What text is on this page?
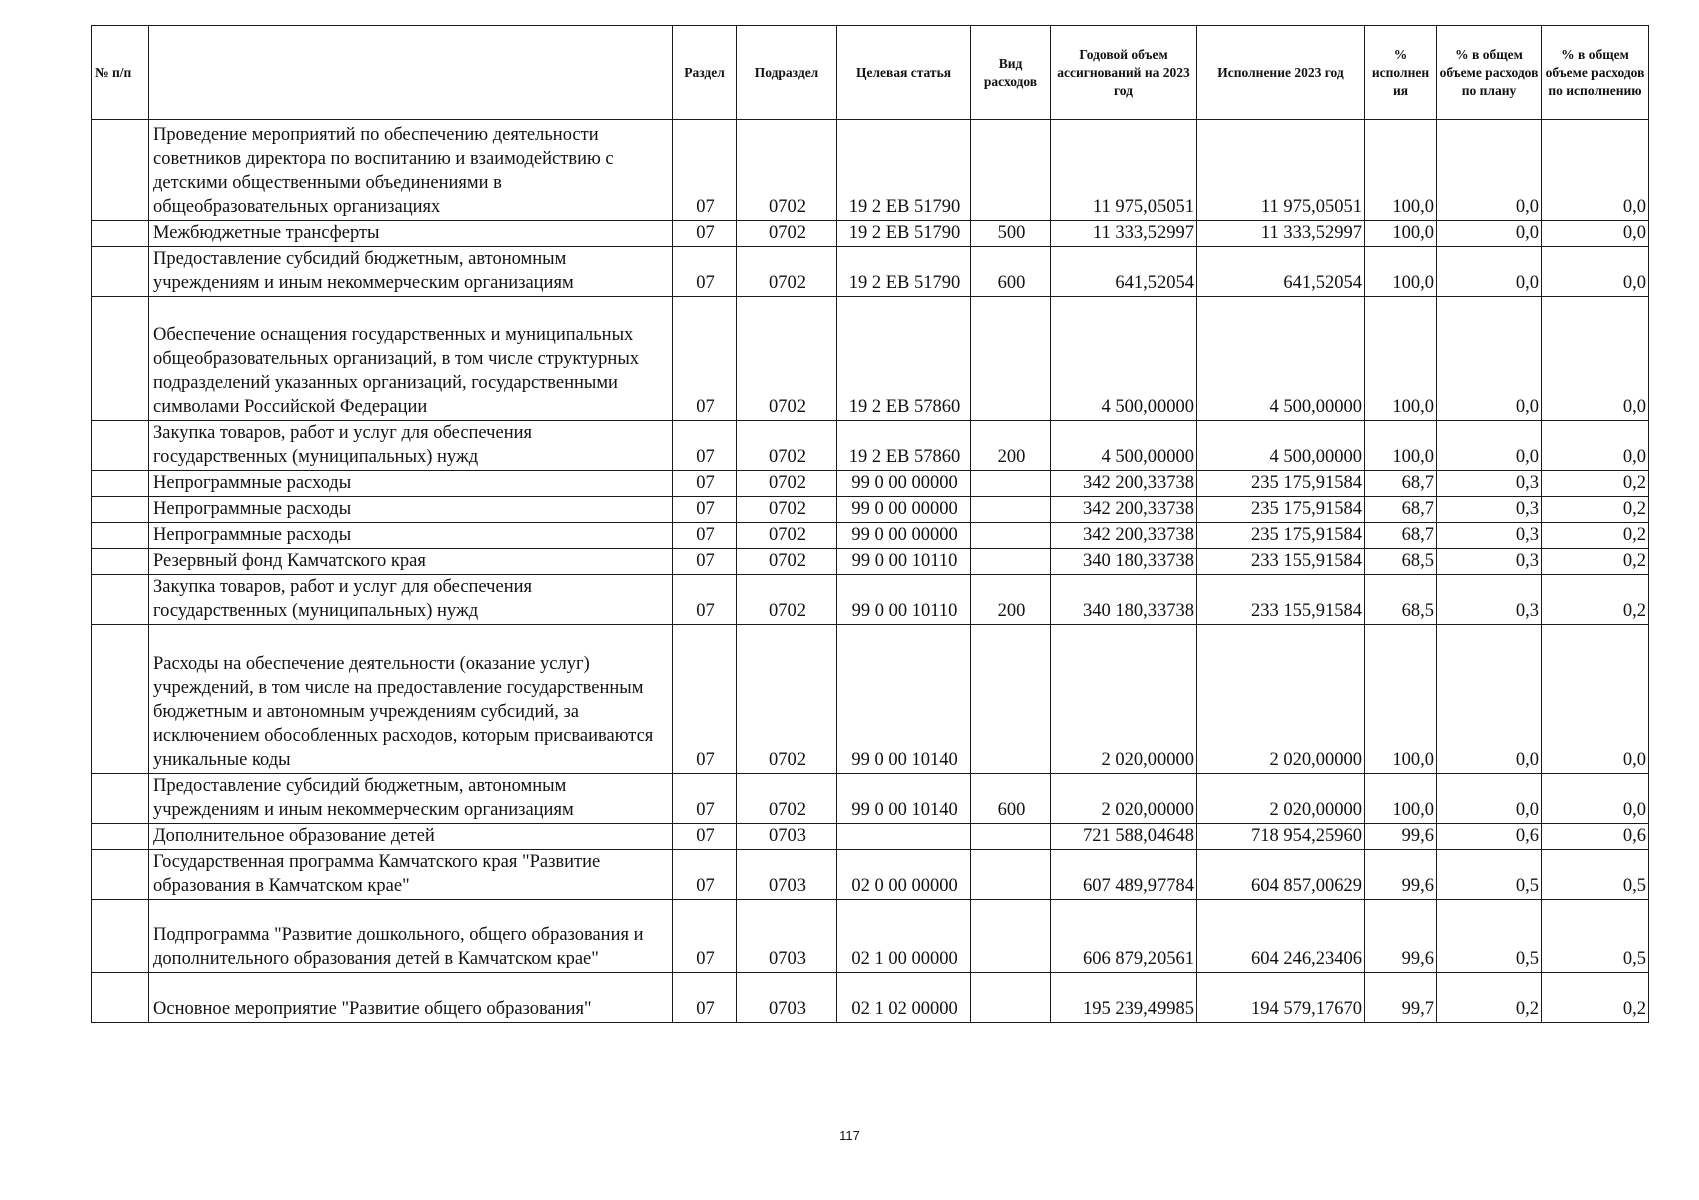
№ п/п		Раздел	Подраздел	Целевая статья	Вид расходов	Годовой объем ассигнований на 2023 год	Исполнение 2023 год	% исполнен ия	% в общем объеме расходов по плану	% в общем объеме расходов по исполнению
	Проведение мероприятий по обеспечению деятельности советников директора по воспитанию и взаимодействию с детскими общественными объединениями в общеобразовательных организациях	07	0702	19 2 EB 51790		11 975,05051	11 975,05051	100,0	0,0	0,0
	Межбюджетные трансферты	07	0702	19 2 EB 51790	500	11 333,52997	11 333,52997	100,0	0,0	0,0
	Предоставление субсидий бюджетным, автономным учреждениям и иным некоммерческим организациям	07	0702	19 2 EB 51790	600	641,52054	641,52054	100,0	0,0	0,0
	Обеспечение оснащения государственных и муниципальных общеобразовательных организаций, в том числе структурных подразделений указанных организаций, государственными символами Российской Федерации	07	0702	19 2 EB 57860		4 500,00000	4 500,00000	100,0	0,0	0,0
	Закупка товаров, работ и услуг для обеспечения государственных (муниципальных) нужд	07	0702	19 2 EB 57860	200	4 500,00000	4 500,00000	100,0	0,0	0,0
	Непрограммные расходы	07	0702	99 0 00 00000		342 200,33738	235 175,91584	68,7	0,3	0,2
	Непрограммные расходы	07	0702	99 0 00 00000		342 200,33738	235 175,91584	68,7	0,3	0,2
	Непрограммные расходы	07	0702	99 0 00 00000		342 200,33738	235 175,91584	68,7	0,3	0,2
	Резервный фонд Камчатского края	07	0702	99 0 00 10110		340 180,33738	233 155,91584	68,5	0,3	0,2
	Закупка товаров, работ и услуг для обеспечения государственных (муниципальных) нужд	07	0702	99 0 00 10110	200	340 180,33738	233 155,91584	68,5	0,3	0,2
	Расходы на обеспечение деятельности (оказание услуг) учреждений, в том числе на предоставление государственным бюджетным и автономным учреждениям субсидий, за исключением обособленных расходов, которым присваиваются уникальные коды	07	0702	99 0 00 10140		2 020,00000	2 020,00000	100,0	0,0	0,0
	Предоставление субсидий бюджетным, автономным учреждениям и иным некоммерческим организациям	07	0702	99 0 00 10140	600	2 020,00000	2 020,00000	100,0	0,0	0,0
	Дополнительное образование детей	07	0703			721 588,04648	718 954,25960	99,6	0,6	0,6
	Государственная программа Камчатского края "Развитие образования в Камчатском крае"	07	0703	02 0 00 00000		607 489,97784	604 857,00629	99,6	0,5	0,5
	Подпрограмма "Развитие дошкольного, общего образования и дополнительного образования детей в Камчатском крае"	07	0703	02 1 00 00000		606 879,20561	604 246,23406	99,6	0,5	0,5
	Основное мероприятие "Развитие общего образования"	07	0703	02 1 02 00000		195 239,49985	194 579,17670	99,7	0,2	0,2
117
